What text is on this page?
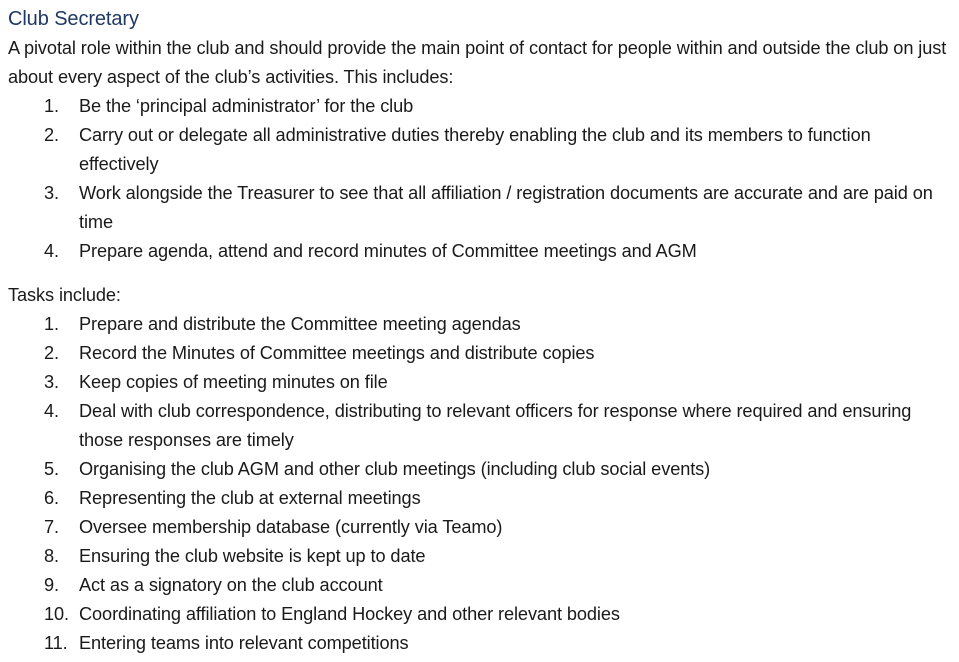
Club Secretary

A pivotal role within the club and should provide the main point of contact for people within and outside the club on just about every aspect of the club’s activities. This includes:

1.	Be the ‘principal administrator’ for the club
2.	Carry out or delegate all administrative duties thereby enabling the club and its members to function effectively
3.	Work alongside the Treasurer to see that all affiliation / registration documents are accurate and are paid on time
4.	Prepare agenda, attend and record minutes of Committee meetings and AGM

Tasks include:

1.	Prepare and distribute the Committee meeting agendas
2.	Record the Minutes of Committee meetings and distribute copies
3.	Keep copies of meeting minutes on file
4.	Deal with club correspondence, distributing to relevant officers for response where required and ensuring those responses are timely
5.	Organising the club AGM and other club meetings (including club social events)
6.	Representing the club at external meetings
7.	Oversee membership database (currently via Teamo)
8.	Ensuring the club website is kept up to date
9.	Act as a signatory on the club account
10. Coordinating affiliation to England Hockey and other relevant bodies
11. Entering teams into relevant competitions
